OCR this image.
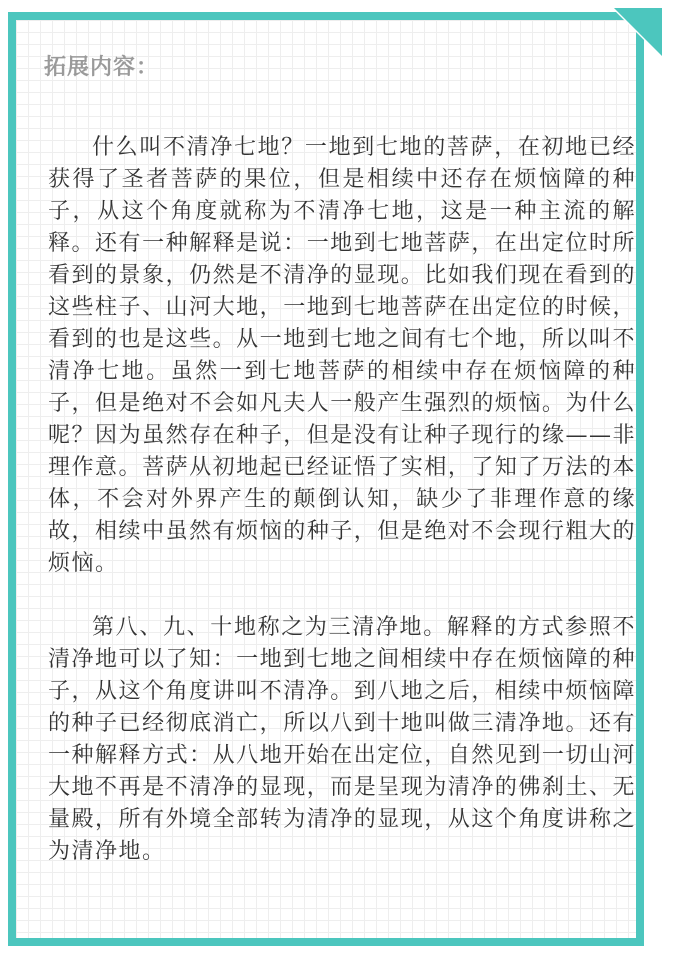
拓展内容：

什么叫不清净七地？一地到七地的菩萨，在初地已经获得了圣者菩萨的果位，但是相续中还存在烦恼障的种子，从这个角度就称为不清净七地，这是一种主流的解释。还有一种解释是说：一地到七地菩萨，在出定位时所看到的景象，仍然是不清净的显现。比如我们现在看到的这些柱子、山河大地，一地到七地菩萨在出定位的时候，看到的也是这些。从一地到七地之间有七个地，所以叫不清净七地。虽然一到七地菩萨的相续中存在烦恼障的种子，但是绝对不会如凡夫人一般产生强烈的烦恼。为什么呢？因为虽然存在种子，但是没有让种子现行的缘——非理作意。菩萨从初地起已经证悟了实相，了知了万法的本体，不会对外界产生的颠倒认知，缺少了非理作意的缘故，相续中虽然有烦恼的种子，但是绝对不会现行粗大的烦恼。

第八、九、十地称之为三清净地。解释的方式参照不清净地可以了知：一地到七地之间相续中存在烦恼障的种子，从这个角度讲叫不清净。到八地之后，相续中烦恼障的种子已经彻底消亡，所以八到十地叫做三清净地。还有一种解释方式：从八地开始在出定位，自然见到一切山河大地不再是不清净的显现，而是呈现为清净的佛刹土、无量殿，所有外境全部转为清净的显现，从这个角度讲称之为清净地。
